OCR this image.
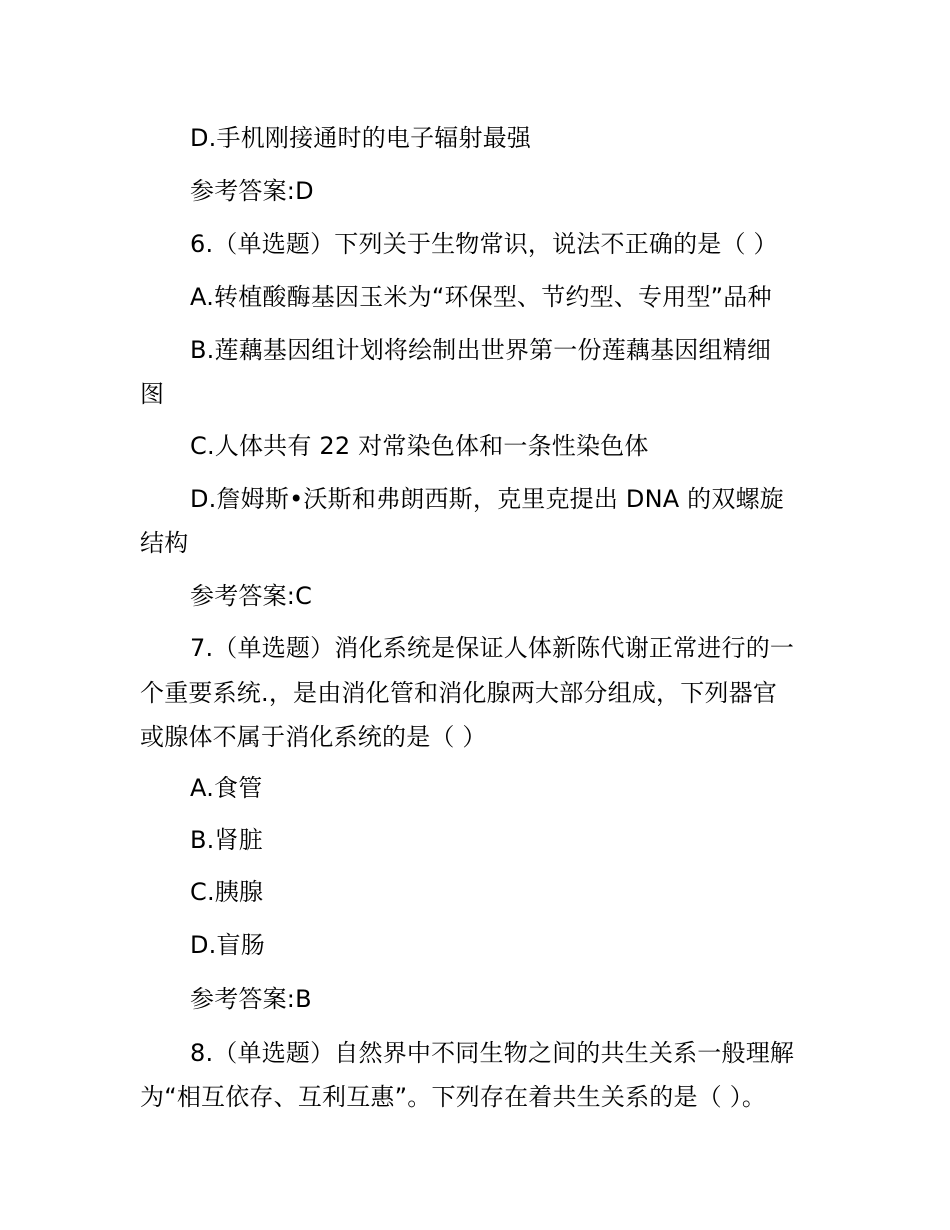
D.手机刚接通时的电子辐射最强
参考答案:D
6.（单选题）下列关于生物常识，说法不正确的是（ ）
A.转植酸酶基因玉米为“环保型、节约型、专用型”品种
B.莲藕基因组计划将绘制出世界第一份莲藕基因组精细
图
C.人体共有 22 对常染色体和一条性染色体
D.詹姆斯•沃斯和弗朗西斯，克里克提出 DNA 的双螺旋
结构
参考答案:C
7.（单选题）消化系统是保证人体新陈代谢正常进行的一
个重要系统.，是由消化管和消化腺两大部分组成，下列器官
或腺体不属于消化系统的是（ ）
A.食管
B.肾脏
C.胰腺
D.盲肠
参考答案:B
8.（单选题）自然界中不同生物之间的共生关系一般理解
为“相互依存、互利互惠”。下列存在着共生关系的是（ ）。
